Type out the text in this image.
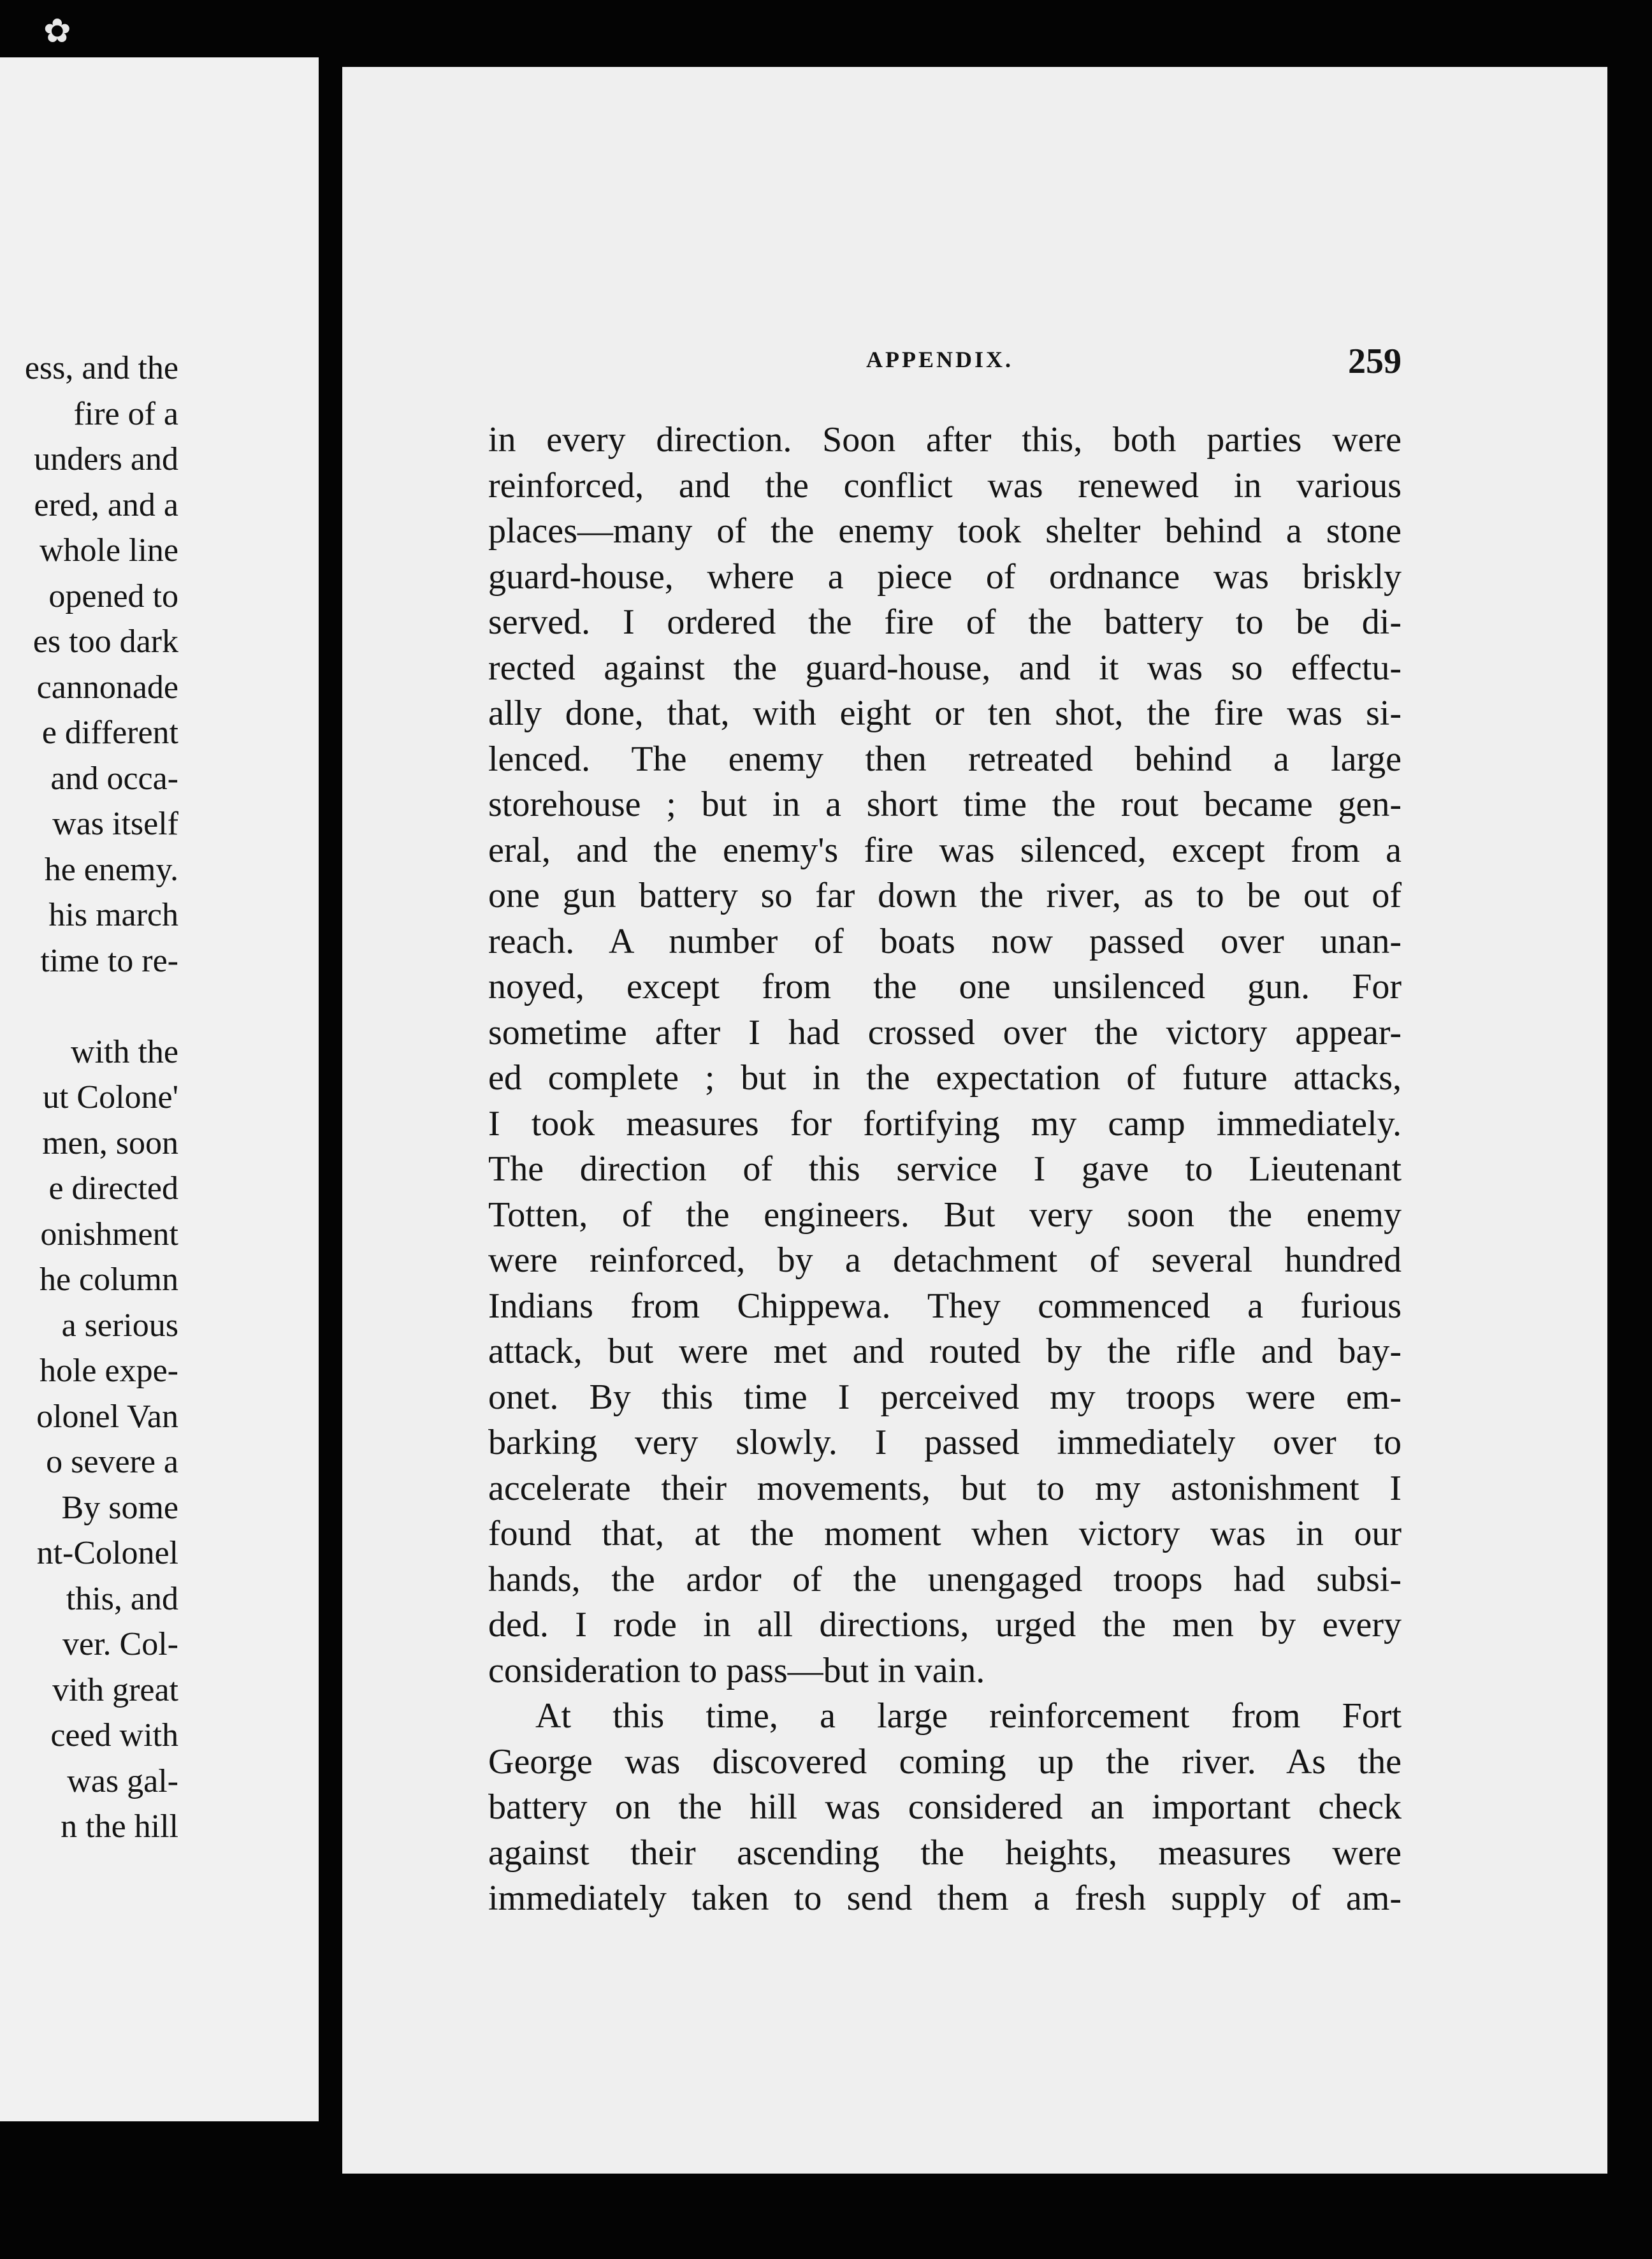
ess, and the
fire of a
unders and
ered, and a
whole line
opened to
es too dark
cannonade
e different
and occa-
was itself
he enemy.
his march
time to re-
with the
ut Colone'
men, soon
e directed
onishment
he column
a serious
hole expe-
olonel Van
o severe a
By some
nt-Colonel
this, and
ver. Col-
vith great
ceed with
was gal-
n the hill
✿
APPENDIX.	259
in every direction. Soon after this, both parties were
reinforced, and the conflict was renewed in various
places—many of the enemy took shelter behind a stone
guard-house, where a piece of ordnance was briskly
served. I ordered the fire of the battery to be di-
rected against the guard-house, and it was so effectu-
ally done, that, with eight or ten shot, the fire was si-
lenced. The enemy then retreated behind a large
storehouse ; but in a short time the rout became gen-
eral, and the enemy's fire was silenced, except from a
one gun battery so far down the river, as to be out of
reach. A number of boats now passed over unan-
noyed, except from the one unsilenced gun. For
sometime after I had crossed over the victory appear-
ed complete ; but in the expectation of future attacks,
I took measures for fortifying my camp immediately.
The direction of this service I gave to Lieutenant
Totten, of the engineers. But very soon the enemy
were reinforced, by a detachment of several hundred
Indians from Chippewa. They commenced a furious
attack, but were met and routed by the rifle and bay-
onet. By this time I perceived my troops were em-
barking very slowly. I passed immediately over to
accelerate their movements, but to my astonishment I
found that, at the moment when victory was in our
hands, the ardor of the unengaged troops had subsi-
ded. I rode in all directions, urged the men by every
consideration to pass—but in vain.
At this time, a large reinforcement from Fort
George was discovered coming up the river. As the
battery on the hill was considered an important check
against their ascending the heights, measures were
immediately taken to send them a fresh supply of am-
